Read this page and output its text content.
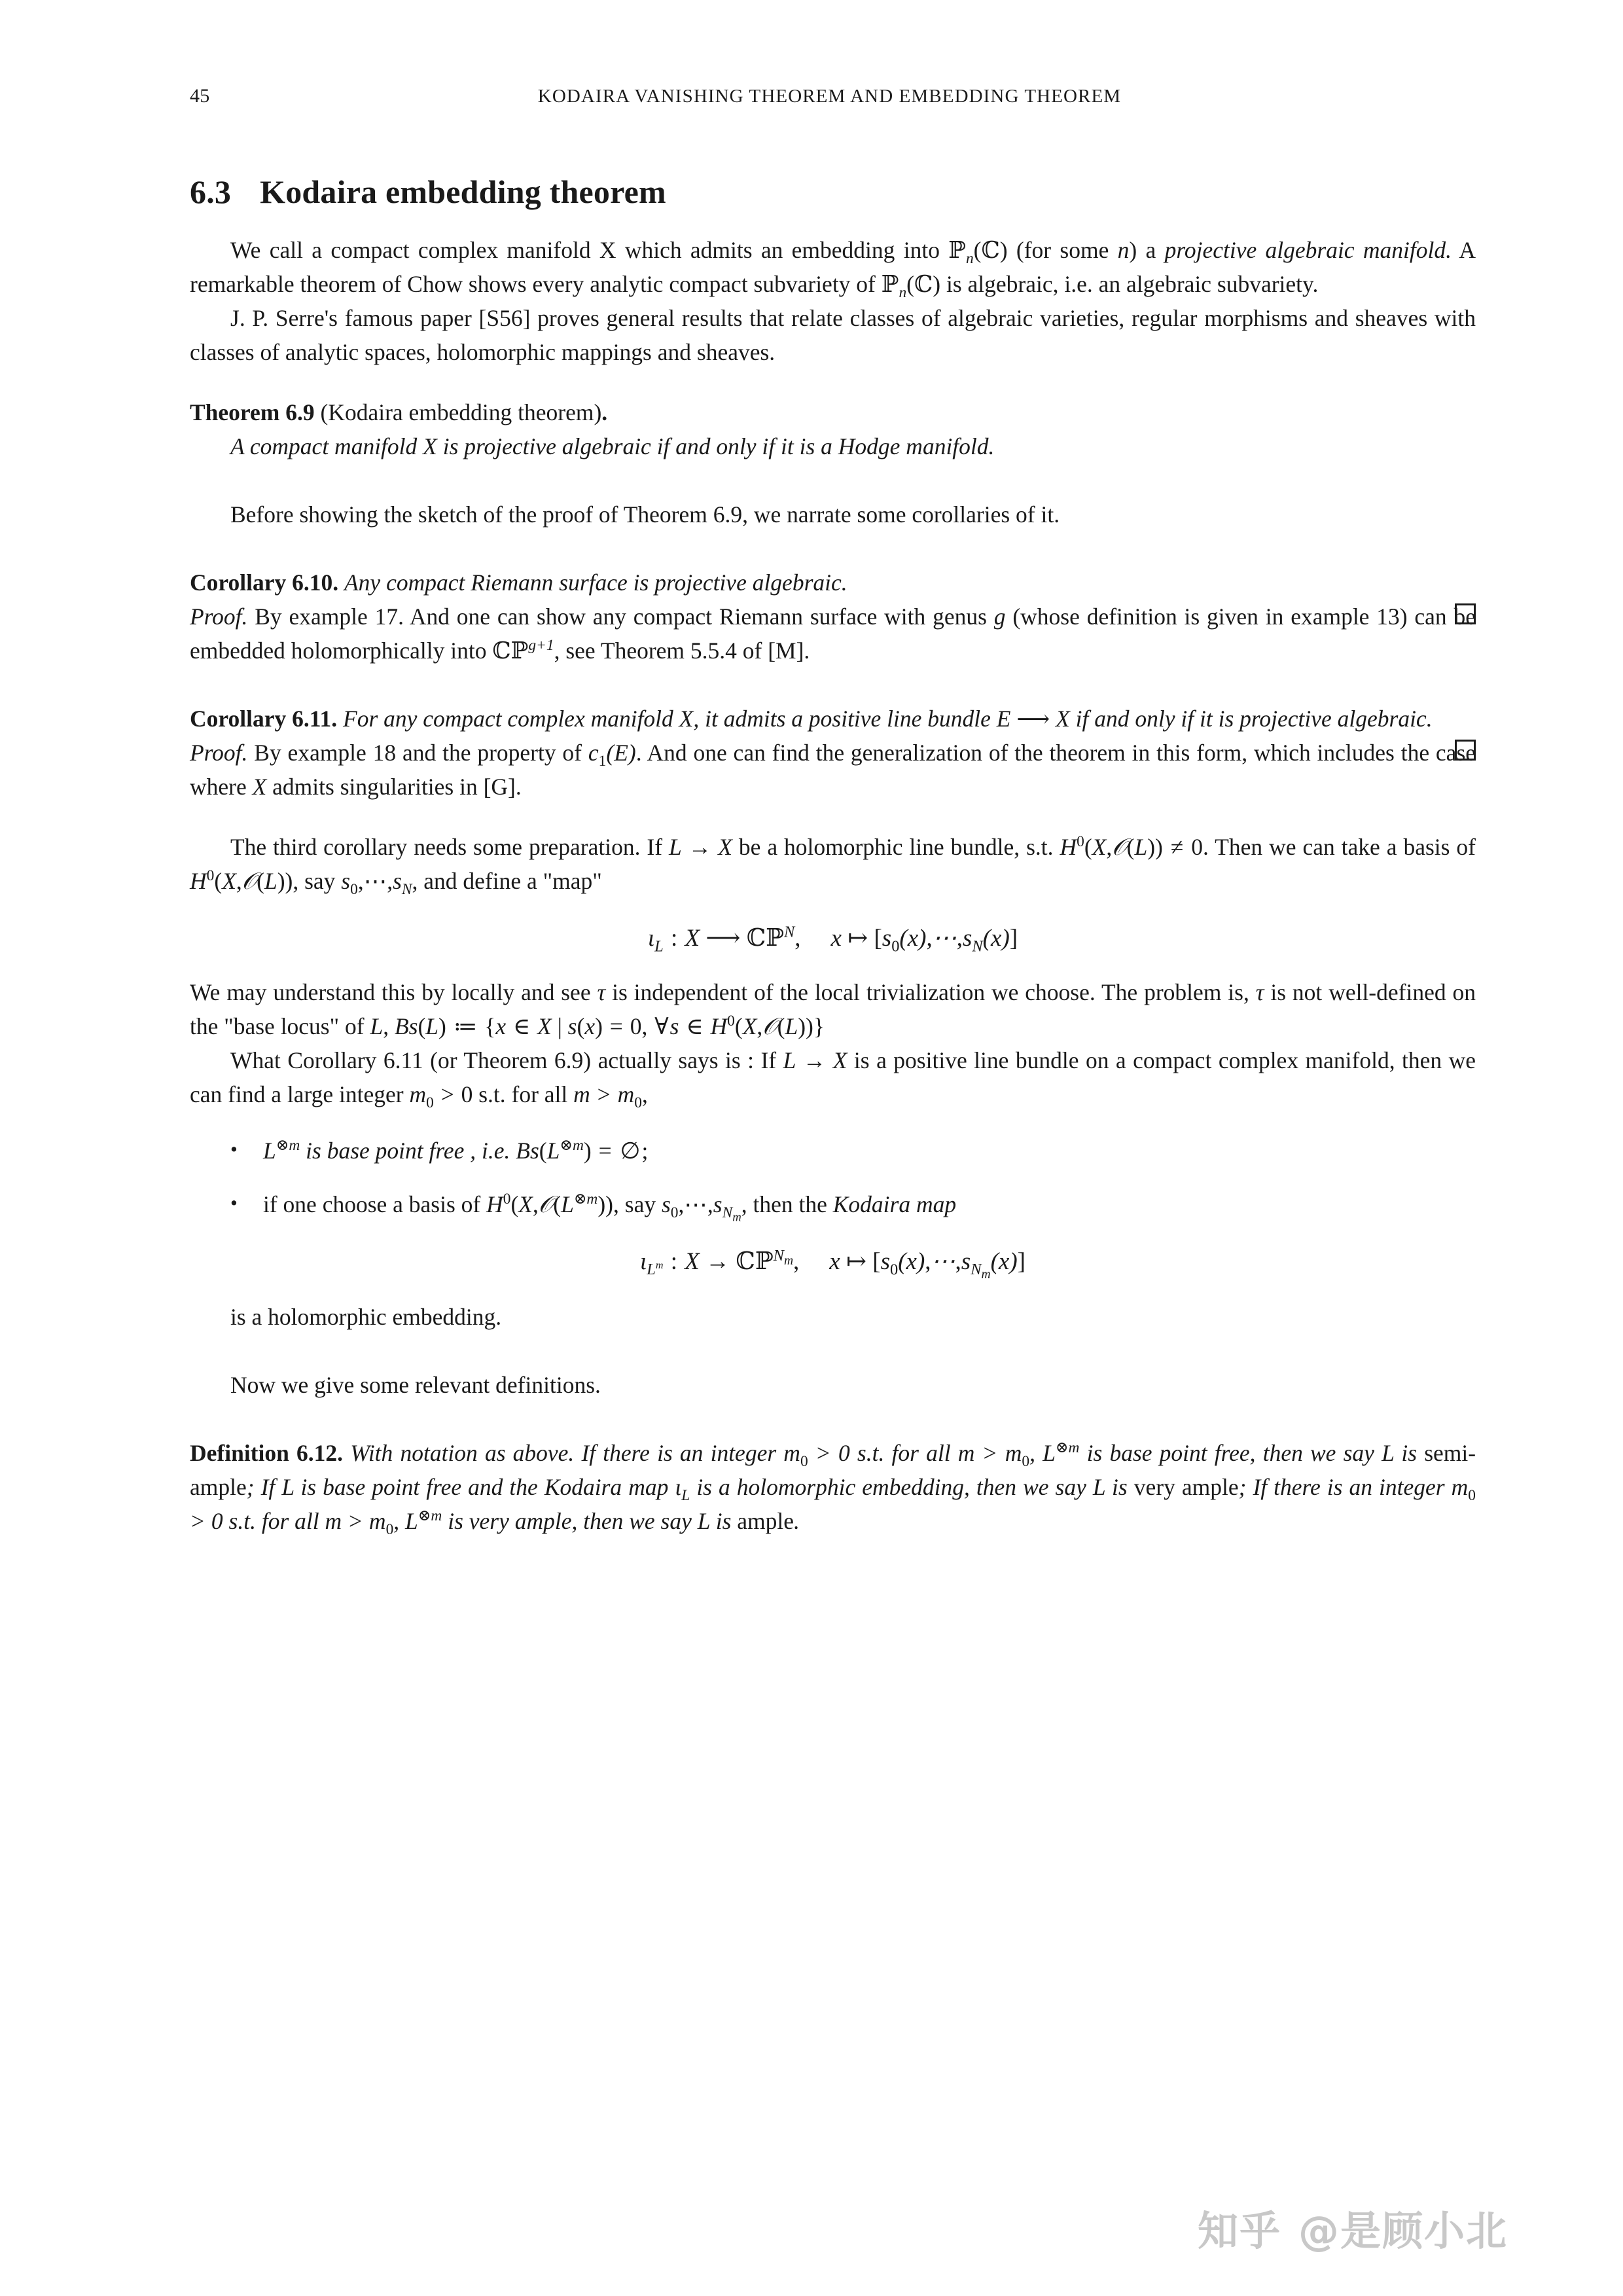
45	KODAIRA VANISHING THEOREM AND EMBEDDING THEOREM
6.3 Kodaira embedding theorem

We call a compact complex manifold X which admits an embedding into ℙ$_n$(ℂ) (for some n) a projective algebraic manifold. A remarkable theorem of Chow shows every analytic compact subvariety of ℙ$_n$(ℂ) is algebraic, i.e. an algebraic subvariety.

J. P. Serre's famous paper [S56] proves general results that relate classes of algebraic varieties, regular morphisms and sheaves with classes of analytic spaces, holomorphic mappings and sheaves.

Theorem 6.9 (Kodaira embedding theorem).

A compact manifold X is projective algebraic if and only if it is a Hodge manifold.

Before showing the sketch of the proof of Theorem 6.9, we narrate some corollaries of it.

Corollary 6.10. Any compact Riemann surface is projective algebraic.

Proof. By example 17. And one can show any compact Riemann surface with genus g (whose definition is given in example 13) can be embedded holomorphically into ℂℙ$^{g+1}$, see Theorem 5.5.4 of [M].

Corollary 6.11. For any compact complex manifold X, it admits a positive line bundle E ⟶ X if and only if it is projective algebraic.

Proof. By example 18 and the property of $c_1(E)$. And one can find the generalization of the theorem in this form, which includes the case where X admits singularities in [G].

The third corollary needs some preparation. If L → X be a holomorphic line bundle, s.t. $H^0(X,𝒪(L)) \ne 0$. Then we can take a basis of $H^0(X,𝒪(L))$, say $s_0,\cdots,s_N$, and define a "map"

$\iota_L$ : X ⟶ ℂℙ$^N$, x ↦ $[s_0(x),\cdots,s_N(x)]$

We may understand this by locally and see τ is independent of the local trivialization we choose. The problem is, τ is not well-defined on the "base locus" of L, Bs(L) ≔ {x ∈ X | s(x) = 0, ∀s ∈ $H^0(X,𝒪(L))$}

What Corollary 6.11 (or Theorem 6.9) actually says is : If L → X is a positive line bundle on a compact complex manifold, then we can find a large integer $m_0 > 0$ s.t. for all $m > m_0$,

• $L^{\otimes m}$ is base point free , i.e. $Bs(L^{\otimes m})$ = ∅;
• if one choose a basis of $H^0(X,𝒪(L^{\otimes m}))$, say $s_0,\cdots,s_{N_m}$, then the Kodaira map
$\iota_{L^m}$ : X → ℂℙ$^{N_m}$, x ↦ $[s_0(x),\cdots,s_{N_m}(x)]$

is a holomorphic embedding.

Now we give some relevant definitions.

Definition 6.12. With notation as above. If there is an integer $m_0 > 0$ s.t. for all $m > m_0$, $L^{\otimes m}$ is base point free, then we say L is semi-ample; If L is base point free and the Kodaira map $\iota_L$ is a holomorphic embedding, then we say L is very ample; If there is an integer $m_0 > 0$ s.t. for all $m > m_0$, $L^{\otimes m}$ is very ample, then we say L is ample.

知乎 @是顾小北
